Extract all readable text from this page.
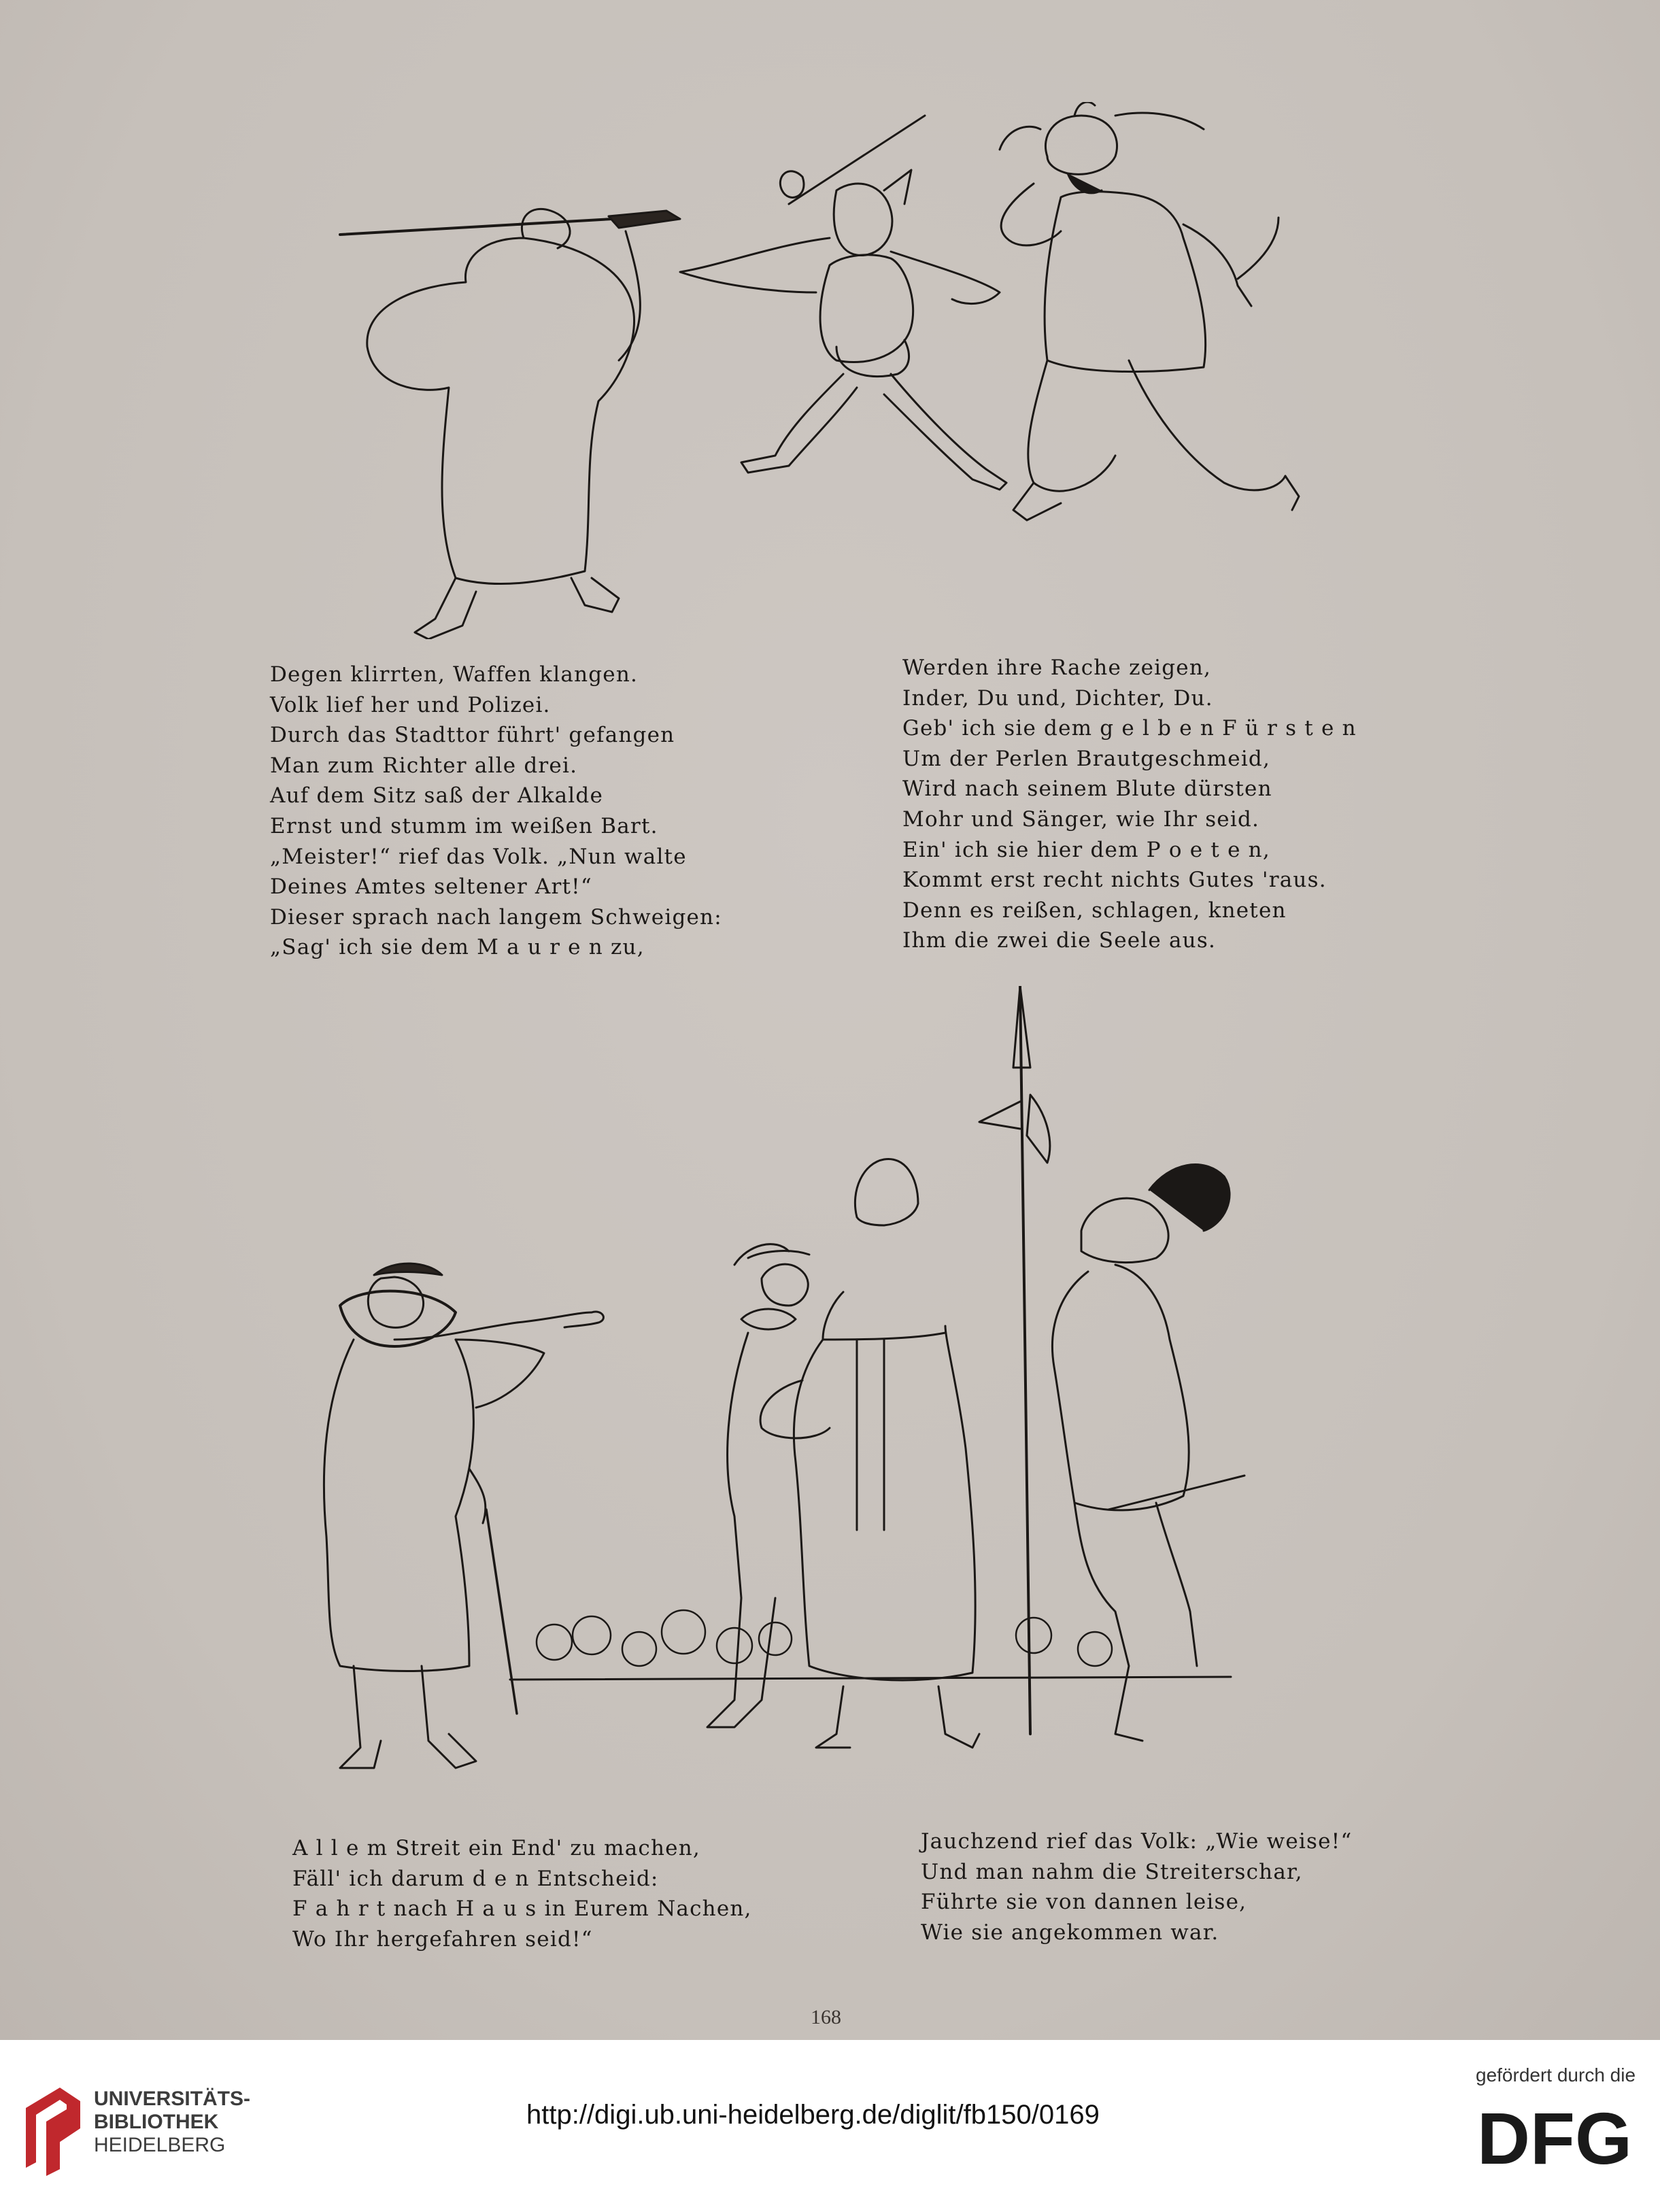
Degen klirrten, Waffen klangen.
Volk lief her und Polizei.
Durch das Stadttor führt' gefangen
Man zum Richter alle drei.
Auf dem Sitz saß der Alkalde
Ernst und stumm im weißen Bart.
„Meister!“ rief das Volk. „Nun walte
Deines Amtes seltener Art!“
Dieser sprach nach langem Schweigen:
„Sag' ich sie dem M a u r e n zu,
Werden ihre Rache zeigen,
Inder, Du und, Dichter, Du.
Geb' ich sie dem g e l b e n F ü r s t e n
Um der Perlen Brautgeschmeid,
Wird nach seinem Blute dürsten
Mohr und Sänger, wie Ihr seid.
Ein' ich sie hier dem P o e t e n,
Kommt erst recht nichts Gutes 'raus.
Denn es reißen, schlagen, kneten
Ihm die zwei die Seele aus.
A l l e m Streit ein End' zu machen,
Fäll' ich darum d e n Entscheid:
F a h r t nach H a u s in Eurem Nachen,
Wo Ihr hergefahren seid!“
Jauchzend rief das Volk: „Wie weise!“
Und man nahm die Streiterschar,
Führte sie von dannen leise,
Wie sie angekommen war.
168
UNIVERSITÄTS-
BIBLIOTHEK
HEIDELBERG
http://digi.ub.uni-heidelberg.de/diglit/fb150/0169
gefördert durch die
DFG
